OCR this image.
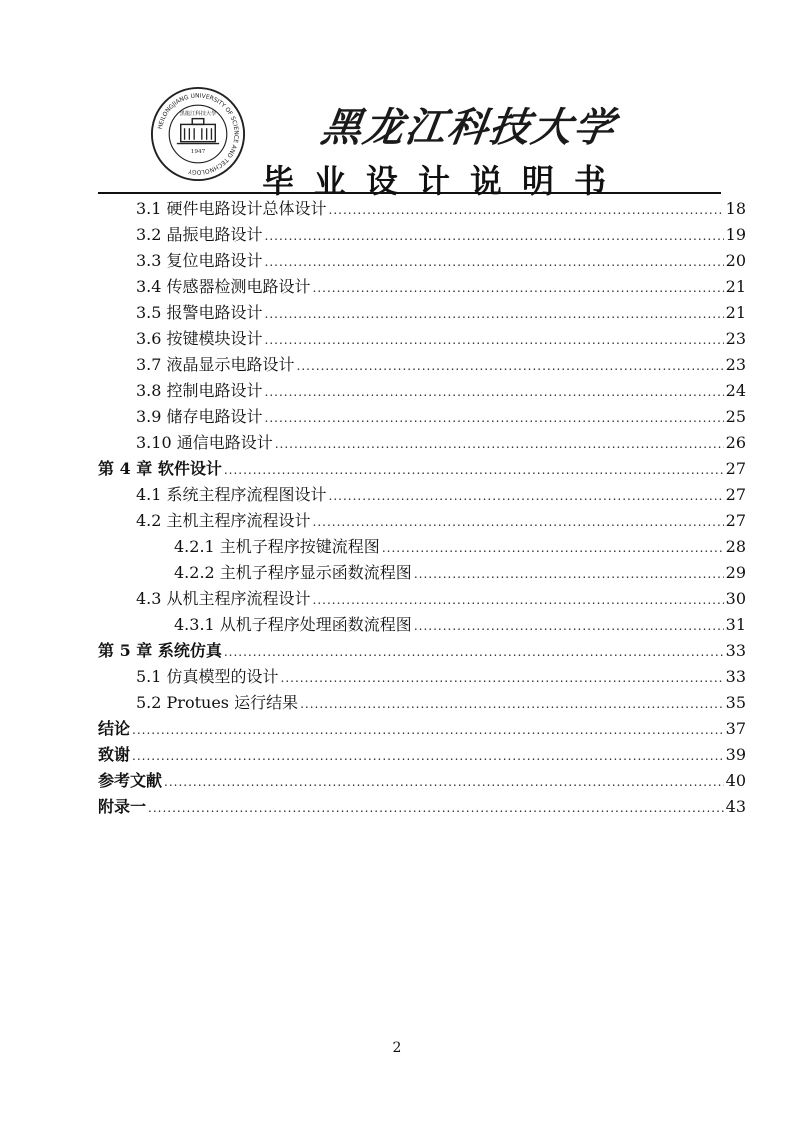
HEILONGJIANG UNIVERSITY OF SCIENCE AND TECHNOLOGY
1947
黑龍江科技大學	黑龙江科技大学
毕业设计说明书
3.1 硬件电路设计总体设计 .....	18
3.2 晶振电路设计 .....	19
3.3 复位电路设计 .....	20
3.4 传感器检测电路设计 .....	21
3.5 报警电路设计 .....	21
3.6 按键模块设计 .....	23
3.7 液晶显示电路设计 .....	23
3.8 控制电路设计 .....	24
3.9 储存电路设计 .....	25
3.10 通信电路设计 .....	26
第 4 章 软件设计 .....	27
4.1 系统主程序流程图设计 .....	27
4.2 主机主程序流程设计 .....	27
4.2.1 主机子程序按键流程图 .....	28
4.2.2 主机子程序显示函数流程图 .....	29
4.3 从机主程序流程设计 .....	30
4.3.1 从机子程序处理函数流程图 .....	31
第 5 章 系统仿真 .....	33
5.1 仿真模型的设计 .....	33
5.2 Protues 运行结果 .....	35
结论 .....	37
致谢 .....	39
参考文献 .....	40
附录一 .....	43
2
